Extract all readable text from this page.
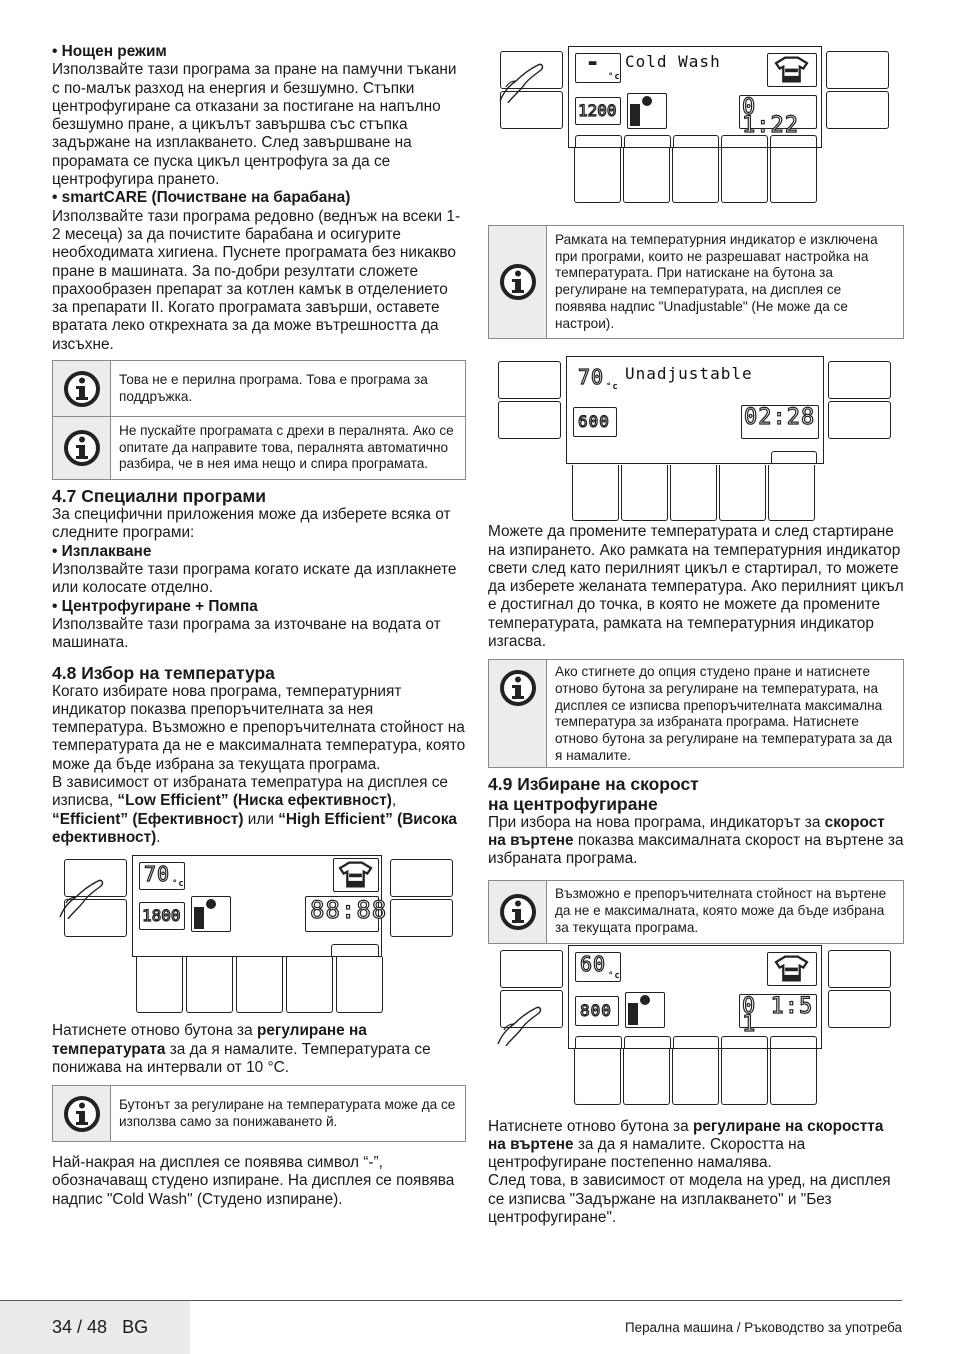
• Нощен режим

Използвайте тази програма за пране на памучни тъкани с по-малък разход на енергия и безшумно. Стъпки центрофугиране са отказани за постигане на напълно безшумно пране, а цикълът завършва със стъпка задържане на изплакването. След завършване на прорамата се пуска цикъл центрофуга за да се центрофугира прането.

• smartCARE (Почистване на барабана)

Използвайте тази програма редовно (веднъж на всеки 1-2 месеца) за да почистите барабана и осигурите необходимата хигиена. Пуснете програмата без никакво пране в машината. За по-добри резултати сложете прахообразен препарат за котлен камък в отделението за препарати II. Когато програмата завърши, оставете вратата леко открехната за да може вътрешността да изсъхне.

Това не е перилна програма. Това е програма за поддръжка.
Не пускайте програмата с дрехи в пералнята. Ако се опитате да направите това, пералнята автоматично разбира, че в нея има нещо и спира програмата.
4.7 Специални програми

За специфични приложения може да изберете всяка от следните програми:

• Изплакване

Използвайте тази програма когато искате да изплакнете или колосате отделно.

• Центрофугиране + Помпа

Използвайте тази програма за източване на водата от машината.

4.8 Избор на температура

Когато избирате нова програма, температурният индикатор показва препоръчителната за нея температура. Възможно е препоръчителната стойност на температурата да не е максималната температура, която може да бъде избрана за текущата програма.

В зависимост от избраната темепратура на дисплея се изписва, “Low Efficient” (Ниска ефективност), “Efficient” (Ефективност) или “High Efficient” (Висока ефективност).

70 °c
1800	88:88

Натиснете отново бутона за регулиране на температурата за да я намалите. Температурата се понижава на интервали от 10 °C.

Бутонът за регулиране на температурата може да се използва само за понижаването й.

Най-накрая на дисплея се появява символ “-”, обозначаващ студено изпиране. На дисплея се появява надпис "Cold Wash" (Студено изпиране).

-
°c
Cold Wash
1200	0 1:22
Рамката на температурния индикатор е изключена при програми, които не разрешават настройка на температурата. При натискане на бутона за регулиране на температурата, на дисплея се появява надпис "Unadjustable" (Не може да се настрои).
70 °c
Unadjustable
600	02:28

Можете да промените температурата и след стартиране на изпирането. Ако рамката на температурния индикатор свети след като перилният цикъл е стартирал, то можете да изберете желаната температура. Ако перилният цикъл е достигнал до точка, в която не можете да промените температурата, рамката на температурния индикатор изгасва.

Ако стигнете до опция студено пране и натиснете отново бутона за регулиране на температурата, на дисплея се изписва препоръчителната максимална температура за избраната програма. Натиснете отново бутона за регулиране на температурата за да я намалите.
4.9 Избиране на скорост
на центрофугиране

При избора на нова програма, индикаторът за скорост на въртене показва максималната скорост на въртене за избраната програма.

Възможно е препоръчителната стойност на въртене да не е максималната, която може да бъде избрана за текущата програма.
60 °c
800	0 1:5 1

Натиснете отново бутона за регулиране на скоростта на въртене за да я намалите. Скоростта на центрофугиране постепенно намалява.

След това, в зависимост от модела на уред, на дисплея се изписва "Задържане на изплакването" и "Без центрофугиране".

34 / 48 BG	Перална машина / Ръководство за употреба
